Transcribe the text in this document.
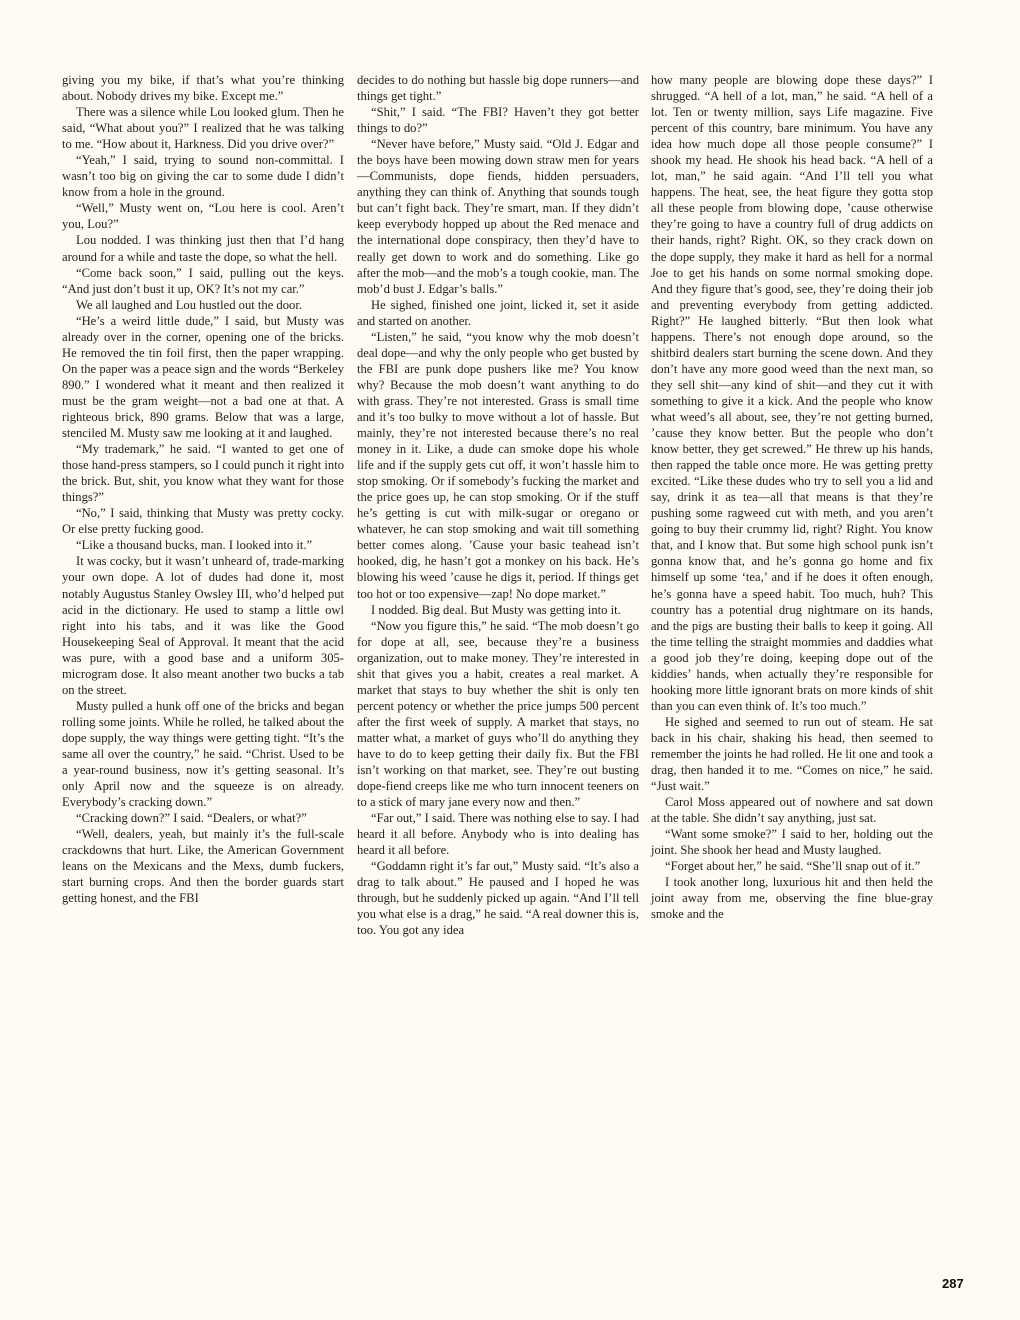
giving you my bike, if that’s what you’re thinking about. Nobody drives my bike. Except me.”

There was a silence while Lou looked glum. Then he said, “What about you?” I realized that he was talking to me. “How about it, Harkness. Did you drive over?”

“Yeah,” I said, trying to sound non-committal. I wasn’t too big on giving the car to some dude I didn’t know from a hole in the ground.

“Well,” Musty went on, “Lou here is cool. Aren’t you, Lou?”

Lou nodded. I was thinking just then that I’d hang around for a while and taste the dope, so what the hell.

“Come back soon,” I said, pulling out the keys. “And just don’t bust it up, OK? It’s not my car.”

We all laughed and Lou hustled out the door.

“He’s a weird little dude,” I said, but Musty was already over in the corner, opening one of the bricks. He removed the tin foil first, then the paper wrapping. On the paper was a peace sign and the words “Berkeley 890.” I wondered what it meant and then realized it must be the gram weight—not a bad one at that. A righteous brick, 890 grams. Below that was a large, stenciled M. Musty saw me looking at it and laughed.

“My trademark,” he said. “I wanted to get one of those hand-press stampers, so I could punch it right into the brick. But, shit, you know what they want for those things?”

“No,” I said, thinking that Musty was pretty cocky. Or else pretty fucking good.

“Like a thousand bucks, man. I looked into it.”

It was cocky, but it wasn’t unheard of, trade-marking your own dope. A lot of dudes had done it, most notably Augustus Stanley Owsley III, who’d helped put acid in the dictionary. He used to stamp a little owl right into his tabs, and it was like the Good Housekeeping Seal of Approval. It meant that the acid was pure, with a good base and a uniform 305-microgram dose. It also meant another two bucks a tab on the street.

Musty pulled a hunk off one of the bricks and began rolling some joints. While he rolled, he talked about the dope supply, the way things were getting tight. “It’s the same all over the country,” he said. “Christ. Used to be a year-round business, now it’s getting seasonal. It’s only April now and the squeeze is on already. Everybody’s cracking down.”

“Cracking down?” I said. “Dealers, or what?”

“Well, dealers, yeah, but mainly it’s the full-scale crackdowns that hurt. Like, the American Government leans on the Mexicans and the Mexs, dumb fuckers, start burning crops. And then the border guards start getting honest, and the FBI

decides to do nothing but hassle big dope runners—and things get tight.”

“Shit,” I said. “The FBI? Haven’t they got better things to do?”

“Never have before,” Musty said. “Old J. Edgar and the boys have been mowing down straw men for years—Communists, dope fiends, hidden persuaders, anything they can think of. Anything that sounds tough but can’t fight back. They’re smart, man. If they didn’t keep everybody hopped up about the Red menace and the international dope conspiracy, then they’d have to really get down to work and do something. Like go after the mob—and the mob’s a tough cookie, man. The mob’d bust J. Edgar’s balls.”

He sighed, finished one joint, licked it, set it aside and started on another.

“Listen,” he said, “you know why the mob doesn’t deal dope—and why the only people who get busted by the FBI are punk dope pushers like me? You know why? Because the mob doesn’t want anything to do with grass. They’re not interested. Grass is small time and it’s too bulky to move without a lot of hassle. But mainly, they’re not interested because there’s no real money in it. Like, a dude can smoke dope his whole life and if the supply gets cut off, it won’t hassle him to stop smoking. Or if somebody’s fucking the market and the price goes up, he can stop smoking. Or if the stuff he’s getting is cut with milk-sugar or oregano or whatever, he can stop smoking and wait till something better comes along. ’Cause your basic teahead isn’t hooked, dig, he hasn’t got a monkey on his back. He’s blowing his weed ’cause he digs it, period. If things get too hot or too expensive—zap! No dope market.”

I nodded. Big deal. But Musty was getting into it.

“Now you figure this,” he said. “The mob doesn’t go for dope at all, see, because they’re a business organization, out to make money. They’re interested in shit that gives you a habit, creates a real market. A market that stays to buy whether the shit is only ten percent potency or whether the price jumps 500 percent after the first week of supply. A market that stays, no matter what, a market of guys who’ll do anything they have to do to keep getting their daily fix. But the FBI isn’t working on that market, see. They’re out busting dope-fiend creeps like me who turn innocent teeners on to a stick of mary jane every now and then.”

“Far out,” I said. There was nothing else to say. I had heard it all before. Anybody who is into dealing has heard it all before.

“Goddamn right it’s far out,” Musty said. “It’s also a drag to talk about.” He paused and I hoped he was through, but he suddenly picked up again. “And I’ll tell you what else is a drag,” he said. “A real downer this is, too. You got any idea

how many people are blowing dope these days?” I shrugged. “A hell of a lot, man,” he said. “A hell of a lot. Ten or twenty million, says Life magazine. Five percent of this country, bare minimum. You have any idea how much dope all those people consume?” I shook my head. He shook his head back. “A hell of a lot, man,” he said again. “And I’ll tell you what happens. The heat, see, the heat figure they gotta stop all these people from blowing dope, ’cause otherwise they’re going to have a country full of drug addicts on their hands, right? Right. OK, so they crack down on the dope supply, they make it hard as hell for a normal Joe to get his hands on some normal smoking dope. And they figure that’s good, see, they’re doing their job and preventing everybody from getting addicted. Right?” He laughed bitterly. “But then look what happens. There’s not enough dope around, so the shitbird dealers start burning the scene down. And they don’t have any more good weed than the next man, so they sell shit—any kind of shit—and they cut it with something to give it a kick. And the people who know what weed’s all about, see, they’re not getting burned, ’cause they know better. But the people who don’t know better, they get screwed.” He threw up his hands, then rapped the table once more. He was getting pretty excited. “Like these dudes who try to sell you a lid and say, drink it as tea—all that means is that they’re pushing some ragweed cut with meth, and you aren’t going to buy their crummy lid, right? Right. You know that, and I know that. But some high school punk isn’t gonna know that, and he’s gonna go home and fix himself up some ‘tea,’ and if he does it often enough, he’s gonna have a speed habit. Too much, huh? This country has a potential drug nightmare on its hands, and the pigs are busting their balls to keep it going. All the time telling the straight mommies and daddies what a good job they’re doing, keeping dope out of the kiddies’ hands, when actually they’re responsible for hooking more little ignorant brats on more kinds of shit than you can even think of. It’s too much.”

He sighed and seemed to run out of steam. He sat back in his chair, shaking his head, then seemed to remember the joints he had rolled. He lit one and took a drag, then handed it to me. “Comes on nice,” he said. “Just wait.”

Carol Moss appeared out of nowhere and sat down at the table. She didn’t say anything, just sat.

“Want some smoke?” I said to her, holding out the joint. She shook her head and Musty laughed.

“Forget about her,” he said. “She’ll snap out of it.”

I took another long, luxurious hit and then held the joint away from me, observing the fine blue-gray smoke and the

287
